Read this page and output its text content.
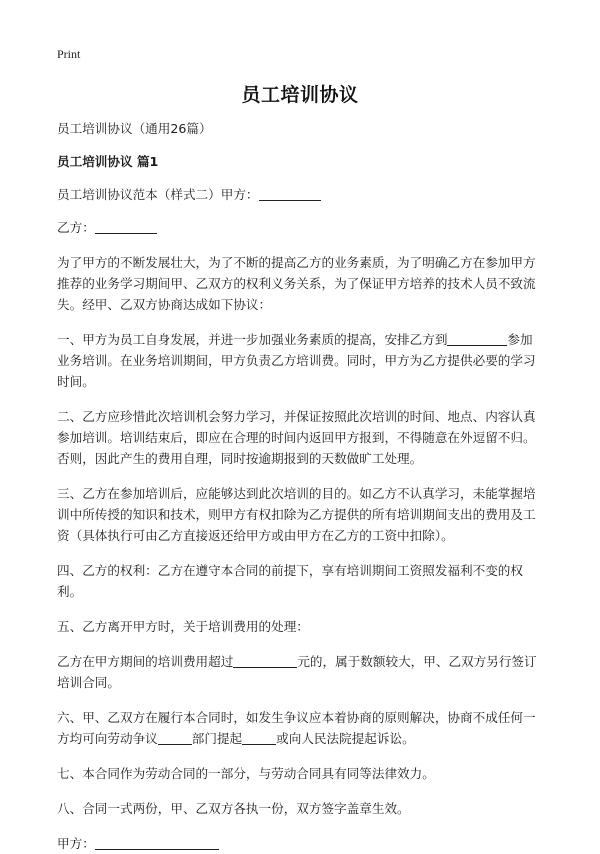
Print
员工培训协议

员工培训协议（通用26篇）

员工培训协议 篇1

员工培训协议范本（样式二）甲方：

乙方：

为了甲方的不断发展壮大，为了不断的提高乙方的业务素质，为了明确乙方在参加甲方推荐的业务学习期间甲、乙双方的权利义务关系，为了保证甲方培养的技术人员不致流失。经甲、乙双方协商达成如下协议：

一、甲方为员工自身发展，并进一步加强业务素质的提高，安排乙方到	参加业务培训。在业务培训期间，甲方负责乙方培训费。同时，甲方为乙方提供必要的学习时间。

二、乙方应珍惜此次培训机会努力学习，并保证按照此次培训的时间、地点、内容认真参加培训。培训结束后，即应在合理的时间内返回甲方报到，不得随意在外逗留不归。否则，因此产生的费用自理，同时按逾期报到的天数做旷工处理。

三、乙方在参加培训后，应能够达到此次培训的目的。如乙方不认真学习，未能掌握培训中所传授的知识和技术，则甲方有权扣除为乙方提供的所有培训期间支出的费用及工资（具体执行可由乙方直接返还给甲方或由甲方在乙方的工资中扣除）。

四、乙方的权利：乙方在遵守本合同的前提下，享有培训期间工资照发福利不变的权利。

五、乙方离开甲方时，关于培训费用的处理：

乙方在甲方期间的培训费用超过	元的，属于数额较大，甲、乙双方另行签订培训合同。

六、甲、乙双方在履行本合同时，如发生争议应本着协商的原则解决，协商不成任何一方均可向劳动争议	部门提起	或向人民法院提起诉讼。

七、本合同作为劳动合同的一部分，与劳动合同具有同等法律效力。

八、合同一式两份，甲、乙双方各执一份，双方签字盖章生效。

甲方：
